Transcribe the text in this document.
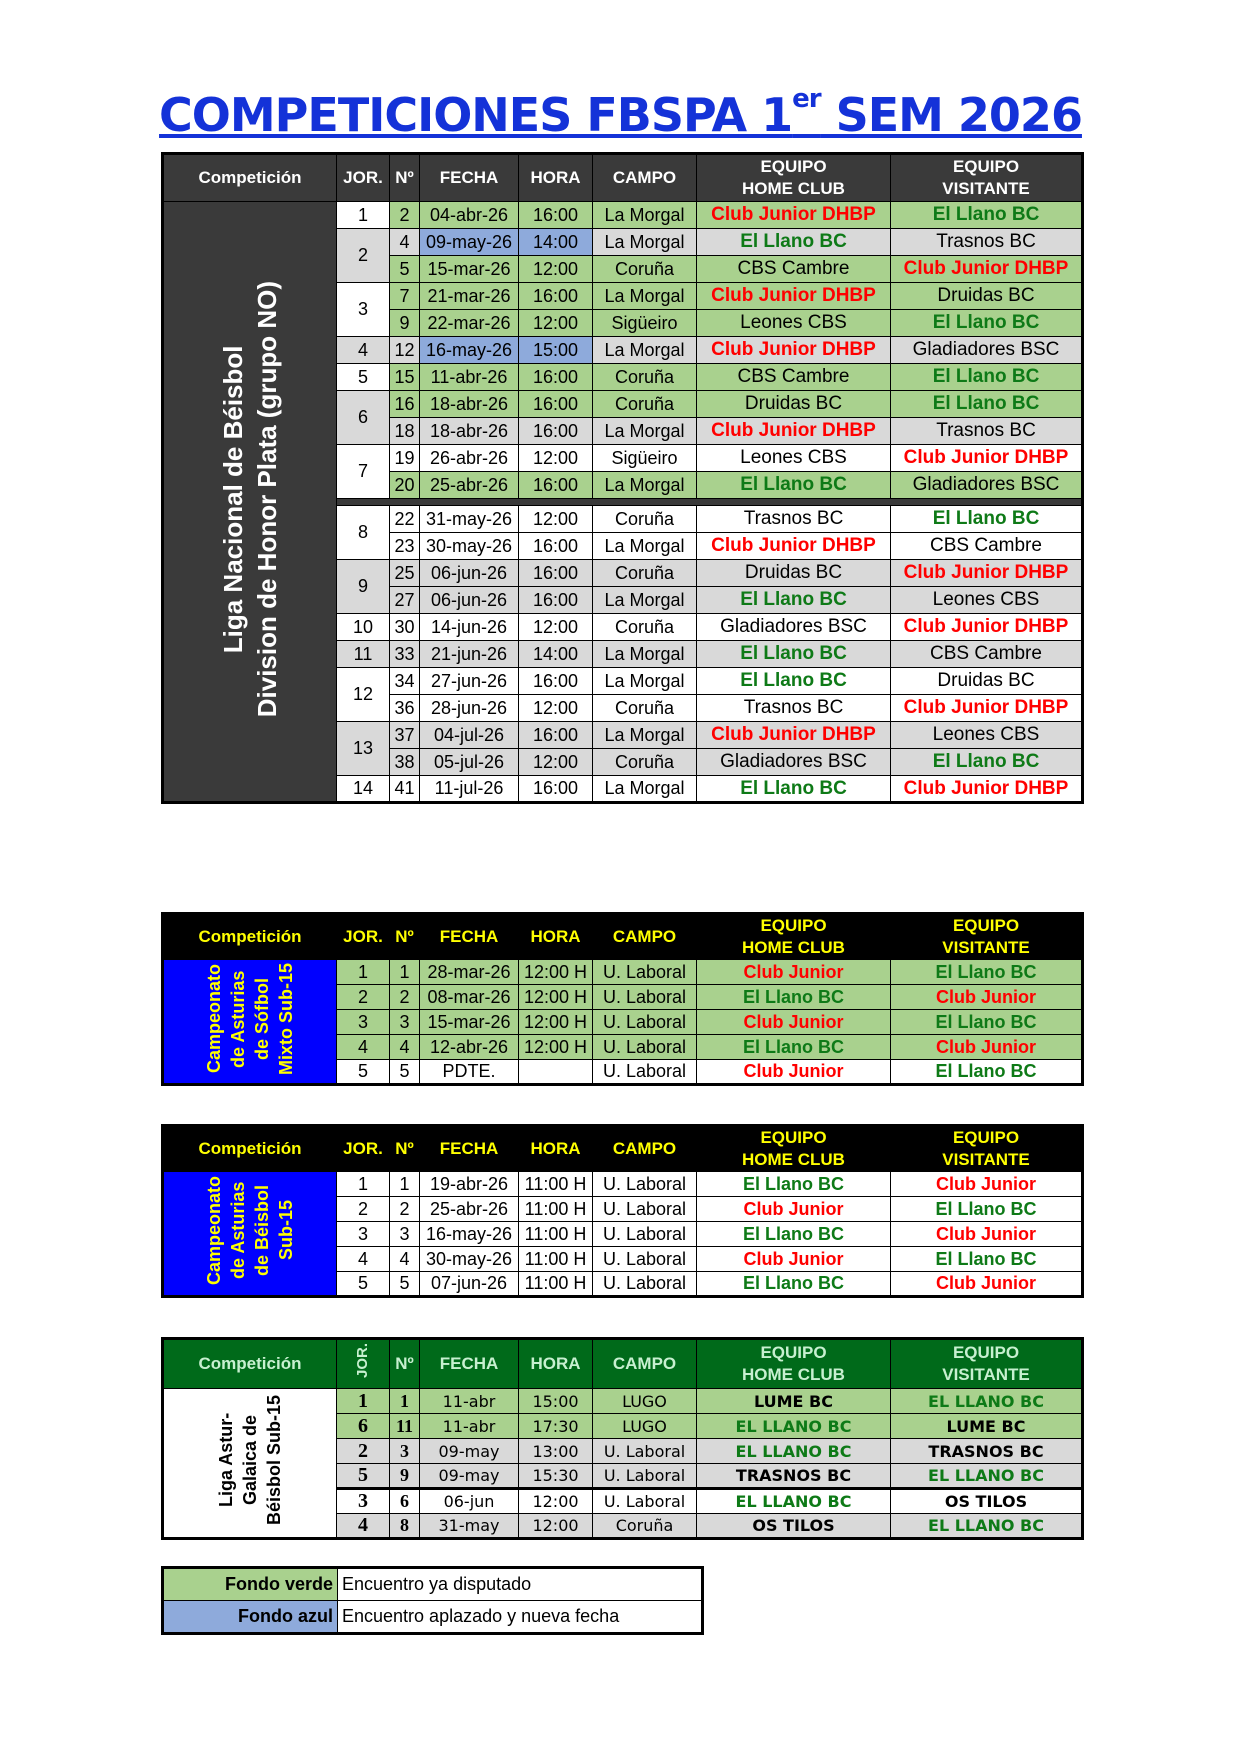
COMPETICIONES FBSPA 1er SEM 2026
Competición	JOR.	Nº	FECHA	HORA	CAMPO	EQUIPO
HOME CLUB	EQUIPO
VISITANTE
Liga Nacional de Béisbol Division de Honor Plata (grupo NO)	1	2	04-abr-26	16:00	La Morgal	Club Junior DHBP	El Llano BC
	2	4	09-may-26	14:00	La Morgal	El Llano BC	Trasnos BC
		5	15-mar-26	12:00	Coruña	CBS Cambre	Club Junior DHBP
	3	7	21-mar-26	16:00	La Morgal	Club Junior DHBP	Druidas BC
		9	22-mar-26	12:00	Sigüeiro	Leones CBS	El Llano BC
	4	12	16-may-26	15:00	La Morgal	Club Junior DHBP	Gladiadores BSC
	5	15	11-abr-26	16:00	Coruña	CBS Cambre	El Llano BC
	6	16	18-abr-26	16:00	Coruña	Druidas BC	El Llano BC
		18	18-abr-26	16:00	La Morgal	Club Junior DHBP	Trasnos BC
	7	19	26-abr-26	12:00	Sigüeiro	Leones CBS	Club Junior DHBP
		20	25-abr-26	16:00	La Morgal	El Llano BC	Gladiadores BSC

	8	22	31-may-26	12:00	Coruña	Trasnos BC	El Llano BC
		23	30-may-26	16:00	La Morgal	Club Junior DHBP	CBS Cambre
	9	25	06-jun-26	16:00	Coruña	Druidas BC	Club Junior DHBP
		27	06-jun-26	16:00	La Morgal	El Llano BC	Leones CBS
	10	30	14-jun-26	12:00	Coruña	Gladiadores BSC	Club Junior DHBP
	11	33	21-jun-26	14:00	La Morgal	El Llano BC	CBS Cambre
	12	34	27-jun-26	16:00	La Morgal	El Llano BC	Druidas BC
		36	28-jun-26	12:00	Coruña	Trasnos BC	Club Junior DHBP
	13	37	04-jul-26	16:00	La Morgal	Club Junior DHBP	Leones CBS
		38	05-jul-26	12:00	Coruña	Gladiadores BSC	El Llano BC
	14	41	11-jul-26	16:00	La Morgal	El Llano BC	Club Junior DHBP
Competición	JOR.	Nº	FECHA	HORA	CAMPO	EQUIPO
HOME CLUB	EQUIPO
VISITANTE
Campeonato de Asturias de Sófbol Mixto Sub-15	1	1	28-mar-26	12:00 H	U. Laboral	Club Junior	El Llano BC
	2	2	08-mar-26	12:00 H	U. Laboral	El Llano BC	Club Junior
	3	3	15-mar-26	12:00 H	U. Laboral	Club Junior	El Llano BC
	4	4	12-abr-26	12:00 H	U. Laboral	El Llano BC	Club Junior
	5	5	PDTE.		U. Laboral	Club Junior	El Llano BC
Competición	JOR.	Nº	FECHA	HORA	CAMPO	EQUIPO
HOME CLUB	EQUIPO
VISITANTE
Campeonato de Asturias de Béisbol Sub-15	1	1	19-abr-26	11:00 H	U. Laboral	El Llano BC	Club Junior
	2	2	25-abr-26	11:00 H	U. Laboral	Club Junior	El Llano BC
	3	3	16-may-26	11:00 H	U. Laboral	El Llano BC	Club Junior
	4	4	30-may-26	11:00 H	U. Laboral	Club Junior	El Llano BC
	5	5	07-jun-26	11:00 H	U. Laboral	El Llano BC	Club Junior
Competición	JOR.	Nº	FECHA	HORA	CAMPO	EQUIPO
HOME CLUB	EQUIPO
VISITANTE
Liga Astur- Galaica de Béisbol Sub-15	1	1	11-abr	15:00	LUGO	LUME BC	EL LLANO BC
	6	11	11-abr	17:30	LUGO	EL LLANO BC	LUME BC
	2	3	09-may	13:00	U. Laboral	EL LLANO BC	TRASNOS BC
	5	9	09-may	15:30	U. Laboral	TRASNOS BC	EL LLANO BC
	3	6	06-jun	12:00	U. Laboral	EL LLANO BC	OS TILOS
	4	8	31-may	12:00	Coruña	OS TILOS	EL LLANO BC
Fondo verde	Encuentro ya disputado
Fondo azul	Encuentro aplazado y nueva fecha
